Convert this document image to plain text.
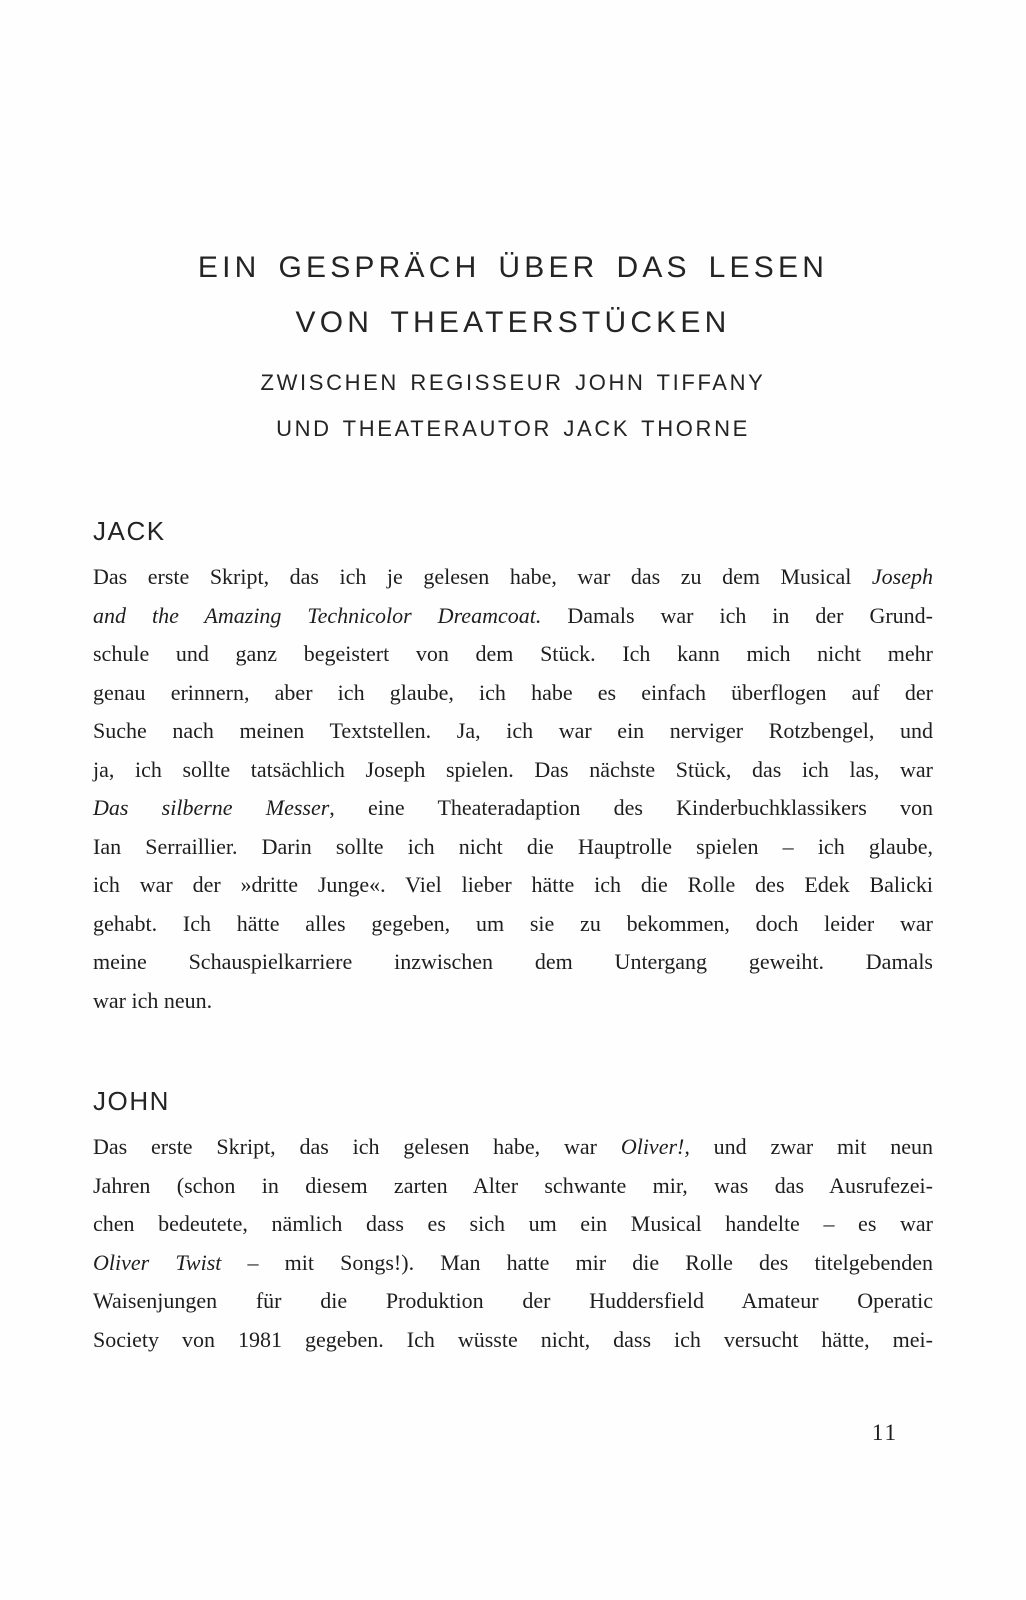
EIN GESPRÄCH ÜBER DAS LESEN
VON THEATERSTÜCKEN
ZWISCHEN REGISSEUR JOHN TIFFANY
UND THEATERAUTOR JACK THORNE
JACK
Das erste Skript, das ich je gelesen habe, war das zu dem Musical Joseph
and the Amazing Technicolor Dreamcoat. Damals war ich in der Grund-
schule und ganz begeistert von dem Stück. Ich kann mich nicht mehr
genau erinnern, aber ich glaube, ich habe es einfach überflogen auf der
Suche nach meinen Textstellen. Ja, ich war ein nerviger Rotzbengel, und
ja, ich sollte tatsächlich Joseph spielen. Das nächste Stück, das ich las, war
Das silberne Messer, eine Theateradaption des Kinderbuchklassikers von
Ian Serraillier. Darin sollte ich nicht die Hauptrolle spielen – ich glaube,
ich war der »dritte Junge«. Viel lieber hätte ich die Rolle des Edek Balicki
gehabt. Ich hätte alles gegeben, um sie zu bekommen, doch leider war
meine Schauspielkarriere inzwischen dem Untergang geweiht. Damals
war ich neun.
JOHN
Das erste Skript, das ich gelesen habe, war Oliver!, und zwar mit neun
Jahren (schon in diesem zarten Alter schwante mir, was das Ausrufezei-
chen bedeutete, nämlich dass es sich um ein Musical handelte – es war
Oliver Twist – mit Songs!). Man hatte mir die Rolle des titelgebenden
Waisenjungen für die Produktion der Huddersfield Amateur Operatic
Society von 1981 gegeben. Ich wüsste nicht, dass ich versucht hätte, mei-
11
